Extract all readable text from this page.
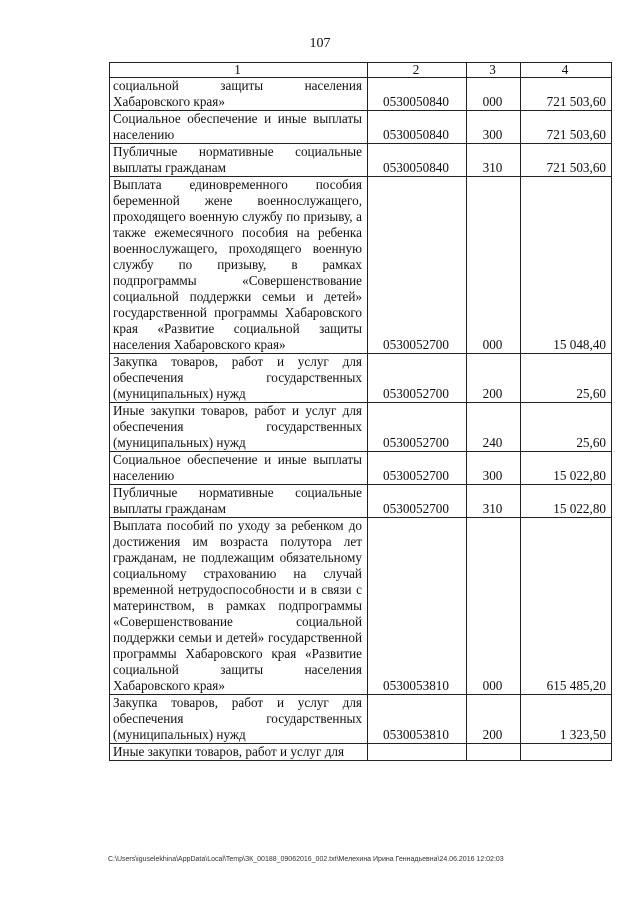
107
1	2	3	4
социальной защиты населения Хабаровского края»	0530050840	000	721 503,60
Социальное обеспечение и иные выплаты населению	0530050840	300	721 503,60
Публичные нормативные социальные выплаты гражданам	0530050840	310	721 503,60
Выплата единовременного пособия беременной жене военнослужащего, проходящего военную службу по призыву, а также ежемесячного пособия на ребенка военнослужащего, проходящего военную службу по призыву, в рамках подпрограммы «Совершенствование социальной поддержки семьи и детей» государственной программы Хабаровского края «Развитие социальной защиты населения Хабаровского края»	0530052700	000	15 048,40
Закупка товаров, работ и услуг для обеспечения государственных (муниципальных) нужд	0530052700	200	25,60
Иные закупки товаров, работ и услуг для обеспечения государственных (муниципальных) нужд	0530052700	240	25,60
Социальное обеспечение и иные выплаты населению	0530052700	300	15 022,80
Публичные нормативные социальные выплаты гражданам	0530052700	310	15 022,80
Выплата пособий по уходу за ребенком до достижения им возраста полутора лет гражданам, не подлежащим обязательному социальному страхованию на случай временной нетрудоспособности и в связи с материнством, в рамках подпрограммы «Совершенствование социальной поддержки семьи и детей» государственной программы Хабаровского края «Развитие социальной защиты населения Хабаровского края»	0530053810	000	615 485,20
Закупка товаров, работ и услуг для обеспечения государственных (муниципальных) нужд	0530053810	200	1 323,50
Иные закупки товаров, работ и услуг для			
C:\Users\iguselekhina\AppData\Local\Temp\ЗК_00188_09062016_002.txt\Мелехина Ирина Геннадьевна\24.06.2016 12:02:03
